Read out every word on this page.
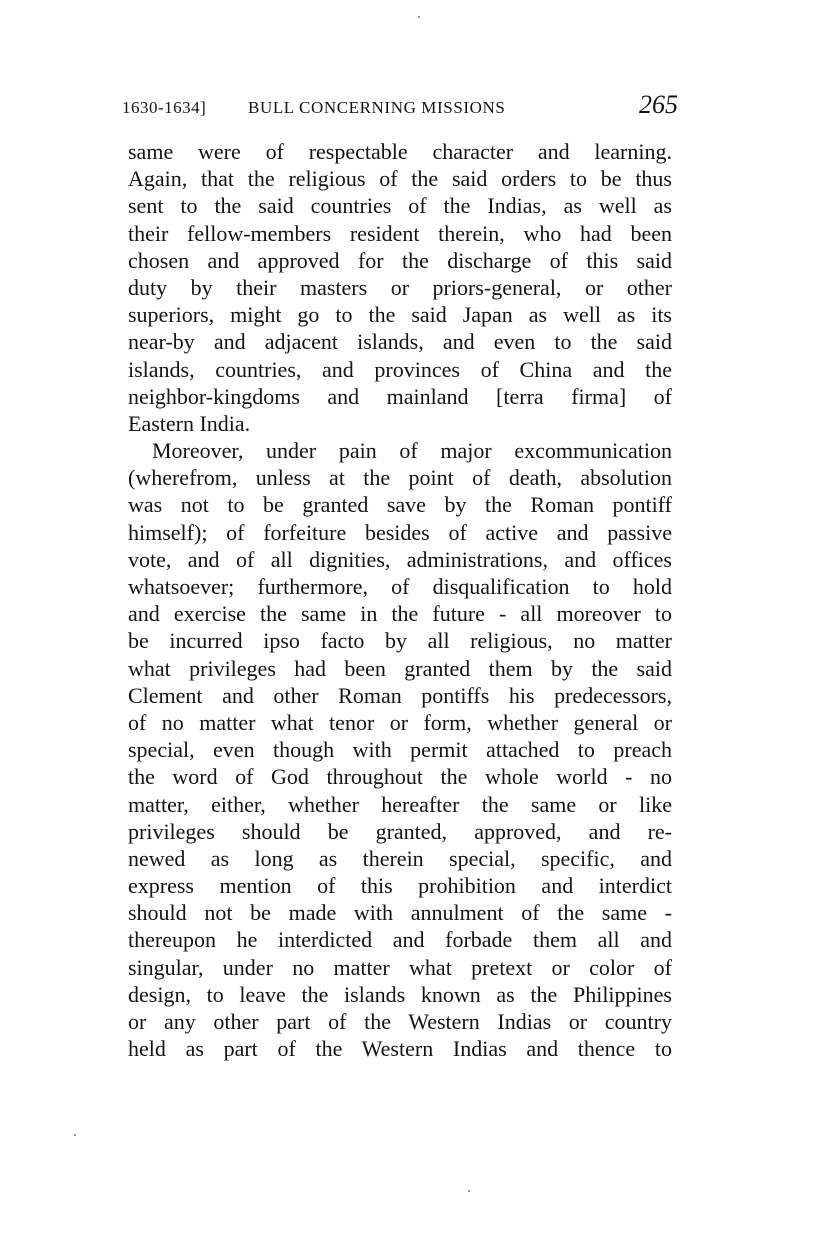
1630-1634] BULL CONCERNING MISSIONS	265
same were of respectable character and learning.
Again, that the religious of the said orders to be thus
sent to the said countries of the Indias, as well as
their fellow-members resident therein, who had been
chosen and approved for the discharge of this said
duty by their masters or priors-general, or other
superiors, might go to the said Japan as well as its
near-by and adjacent islands, and even to the said
islands, countries, and provinces of China and the
neighbor-kingdoms and mainland [terra firma] of
Eastern India.
Moreover, under pain of major excommunication
(wherefrom, unless at the point of death, absolution
was not to be granted save by the Roman pontiff
himself); of forfeiture besides of active and passive
vote, and of all dignities, administrations, and offices
whatsoever; furthermore, of disqualification to hold
and exercise the same in the future - all moreover to
be incurred ipso facto by all religious, no matter
what privileges had been granted them by the said
Clement and other Roman pontiffs his predecessors,
of no matter what tenor or form, whether general or
special, even though with permit attached to preach
the word of God throughout the whole world - no
matter, either, whether hereafter the same or like
privileges should be granted, approved, and re-
newed as long as therein special, specific, and
express mention of this prohibition and interdict
should not be made with annulment of the same -
thereupon he interdicted and forbade them all and
singular, under no matter what pretext or color of
design, to leave the islands known as the Philippines
or any other part of the Western Indias or country
held as part of the Western Indias and thence to
